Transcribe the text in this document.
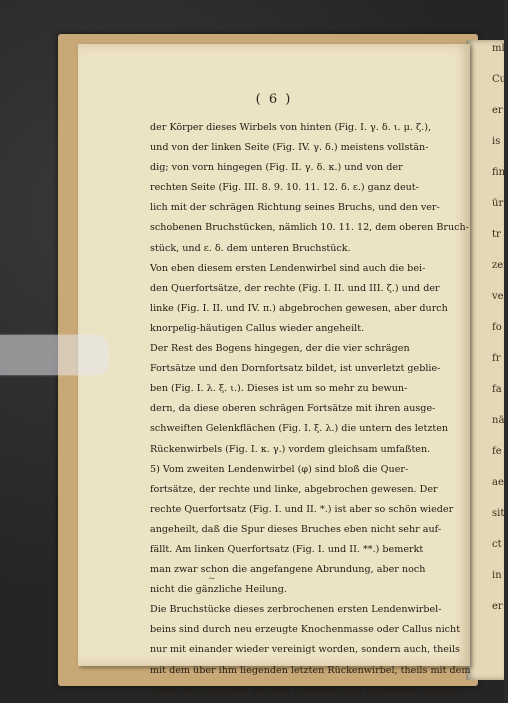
ml
Cu
er
is
fin
ür
tr
zer
ve
fo
fr
fa
nä
fe
ae
sit
ct
in
er
( 6 )
~
der Körper dieses Wirbels von hinten (Fig. I. γ. δ. ι. μ. ζ.),
und von der linken Seite (Fig. IV. γ. δ.) meistens vollstän-
dig; von vorn hingegen (Fig. II. γ. δ. κ.) und von der
rechten Seite (Fig. III. 8. 9. 10. 11. 12. δ. ε.) ganz deut-
lich mit der schrägen Richtung seines Bruchs, und den ver-
schobenen Bruchstücken, nämlich 10. 11. 12, dem oberen Bruch-
stück, und ε. δ. dem unteren Bruchstück.
Von eben diesem ersten Lendenwirbel sind auch die bei-
den Querfortsätze, der rechte (Fig. I. II. und III. ζ.) und der
linke (Fig. I. II. und IV. π.) abgebrochen gewesen, aber durch
knorpelig-häutigen Callus wieder angeheilt.
Der Rest des Bogens hingegen, der die vier schrägen
Fortsätze und den Dornfortsatz bildet, ist unverletzt geblie-
ben (Fig. I. λ. ξ. ι.). Dieses ist um so mehr zu bewun-
dern, da diese oberen schrägen Fortsätze mit ihren ausge-
schweiften Gelenkflächen (Fig. I. ξ. λ.) die untern des letzten
Rückenwirbels (Fig. I. κ. γ.) vordem gleichsam umfaßten.
5) Vom zweiten Lendenwirbel (φ) sind bloß die Quer-
fortsätze, der rechte und linke, abgebrochen gewesen. Der
rechte Querfortsatz (Fig. I. und II. *.) ist aber so schön wieder
angeheilt, daß die Spur dieses Bruches eben nicht sehr auf-
fällt. Am linken Querfortsatz (Fig. I. und II. **.) bemerkt
man zwar schon die angefangene Abrundung, aber noch
nicht die gänzliche Heilung.
Die Bruchstücke dieses zerbrochenen ersten Lendenwirbel-
beins sind durch neu erzeugte Knochenmasse oder Callus nicht
nur mit einander wieder vereinigt worden, sondern auch, theils
mit dem über ihm liegenden letzten Rückenwirbel, theils mit dem
unter ihm liegenden zweiten Lendenwirbel, zusammen gekittet.
